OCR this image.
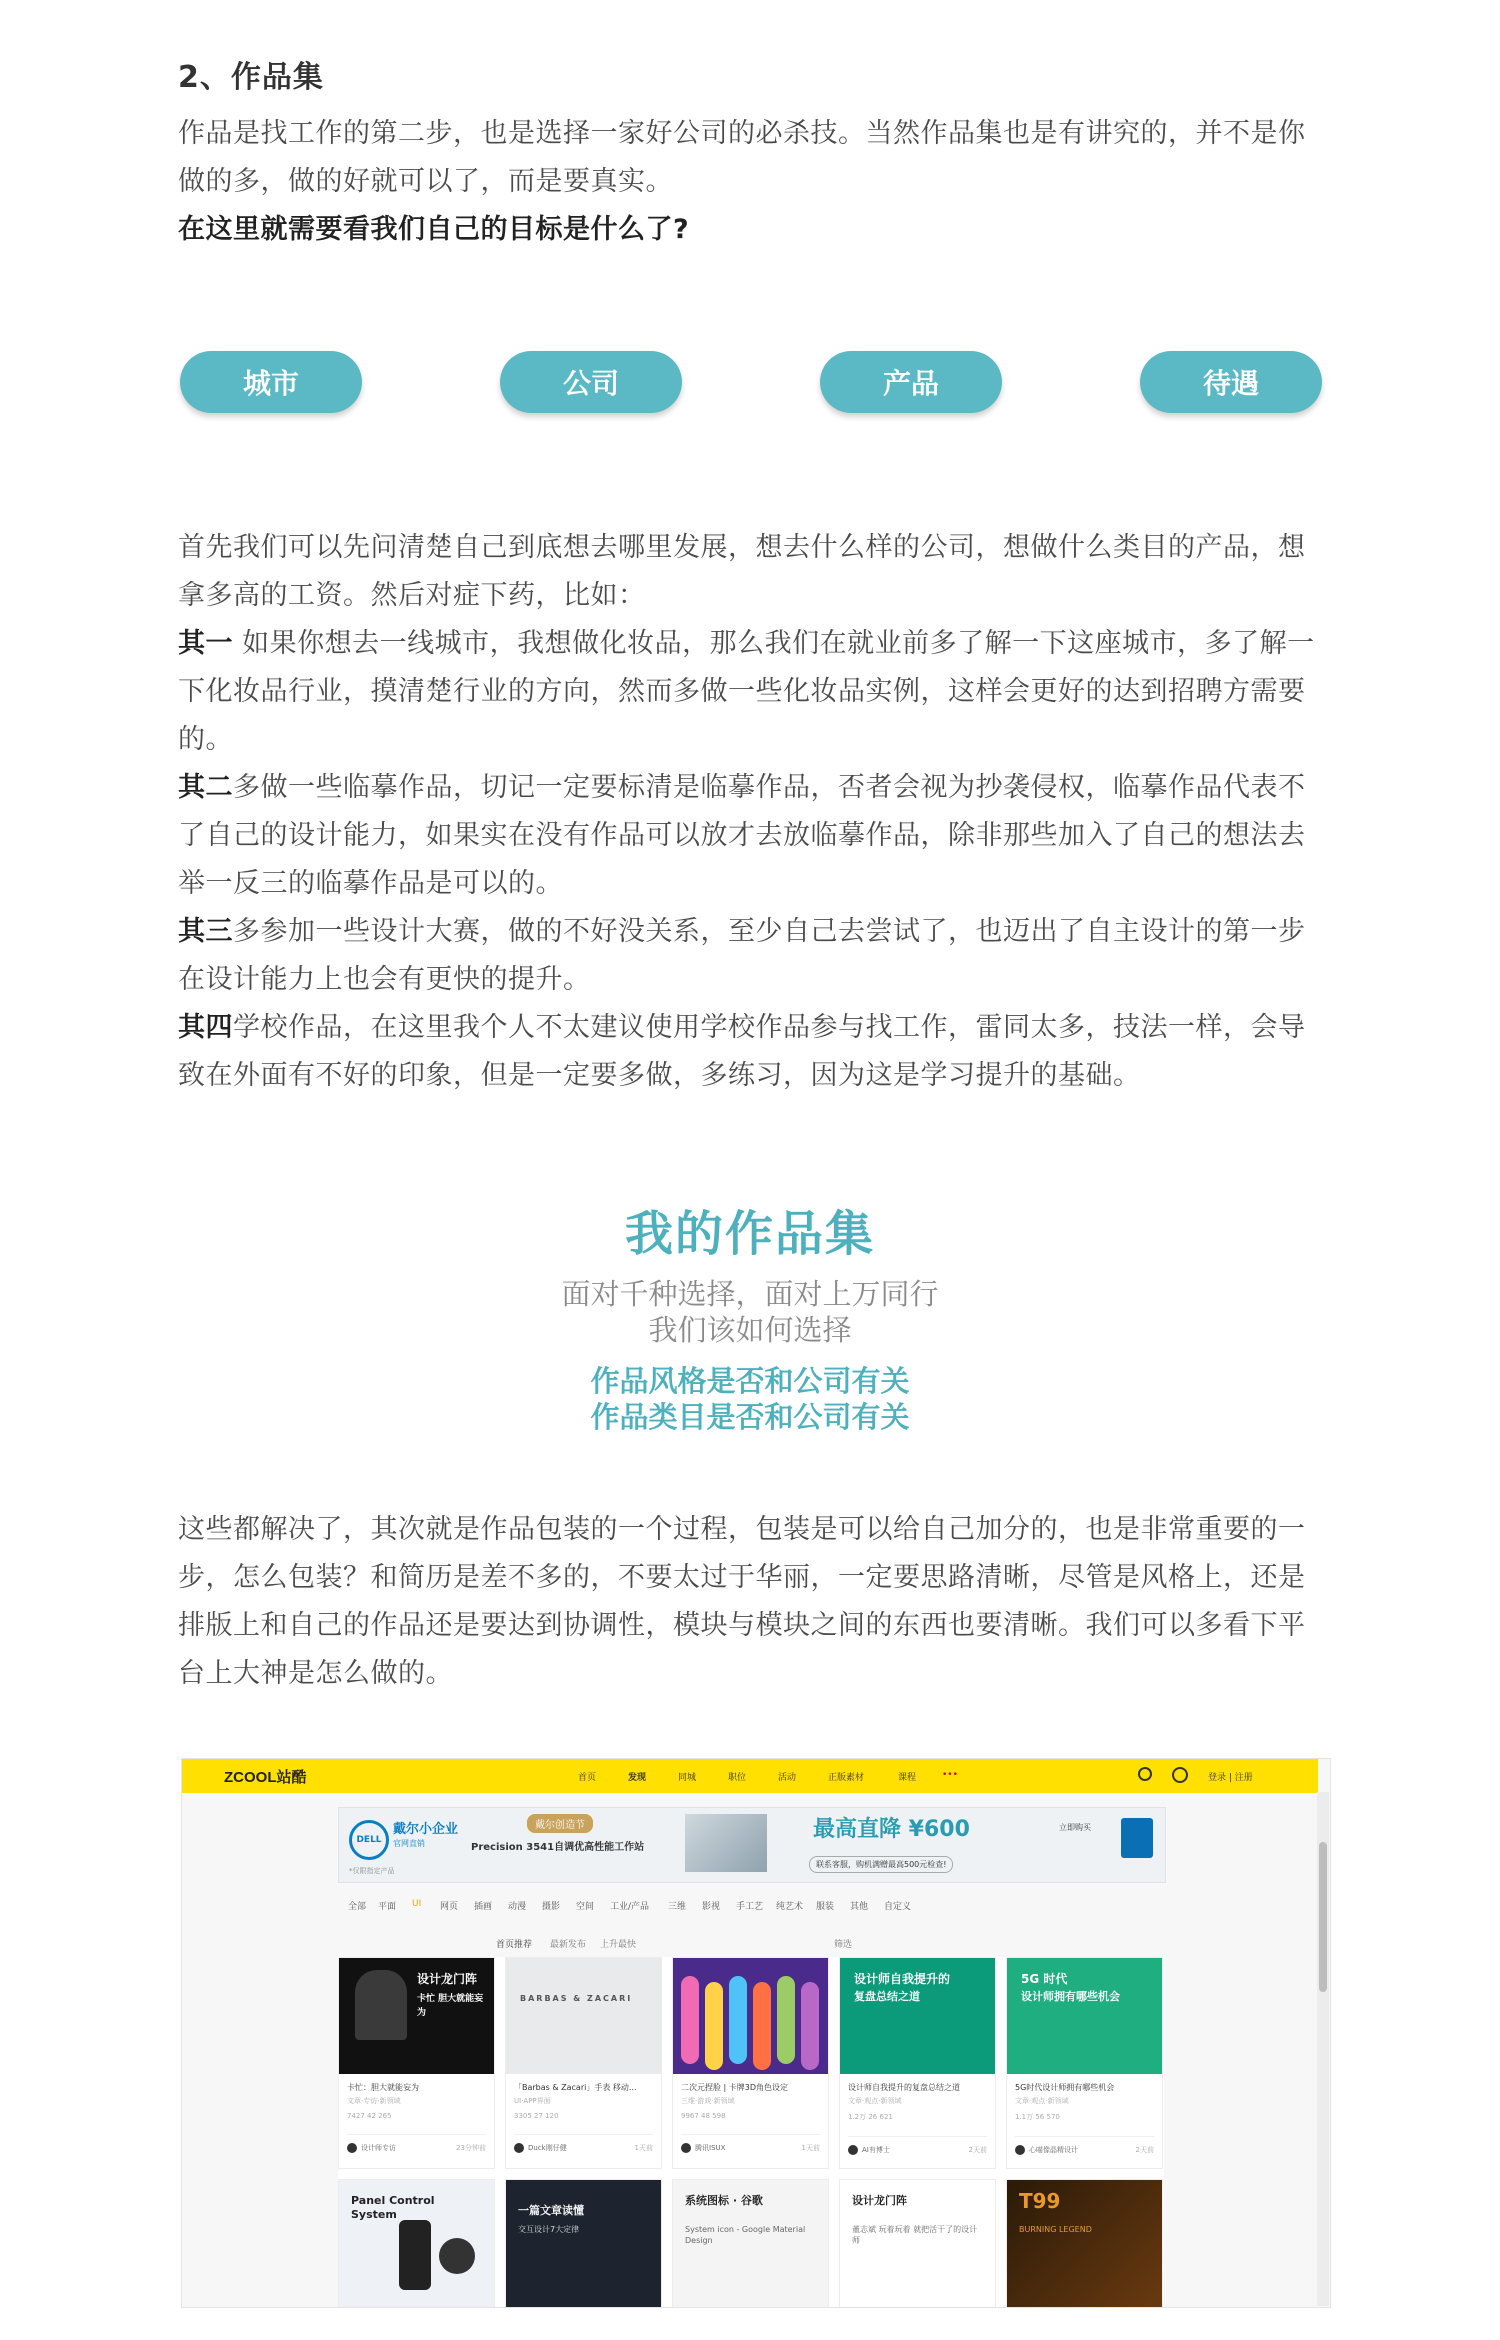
2、作品集

作品是找工作的第二步，也是选择一家好公司的必杀技。当然作品集也是有讲究的，并不是你

做的多，做的好就可以了，而是要真实。

在这里就需要看我们自己的目标是什么了?

城市	公司	产品	待遇

首先我们可以先问清楚自己到底想去哪里发展，想去什么样的公司，想做什么类目的产品，想

拿多高的工资。然后对症下药，比如：

其一 如果你想去一线城市，我想做化妆品，那么我们在就业前多了解一下这座城市，多了解一

下化妆品行业，摸清楚行业的方向，然而多做一些化妆品实例，这样会更好的达到招聘方需要

的。

其二多做一些临摹作品，切记一定要标清是临摹作品，否者会视为抄袭侵权，临摹作品代表不

了自己的设计能力，如果实在没有作品可以放才去放临摹作品，除非那些加入了自己的想法去

举一反三的临摹作品是可以的。

其三多参加一些设计大赛，做的不好没关系，至少自己去尝试了，也迈出了自主设计的第一步

在设计能力上也会有更快的提升。

其四学校作品，在这里我个人不太建议使用学校作品参与找工作，雷同太多，技法一样，会导

致在外面有不好的印象，但是一定要多做，多练习，因为这是学习提升的基础。

我的作品集
面对千种选择，面对上万同行
我们该如何选择
作品风格是否和公司有关
作品类目是否和公司有关

这些都解决了，其次就是作品包装的一个过程，包装是可以给自己加分的，也是非常重要的一

步，怎么包装？和简历是差不多的，不要太过于华丽，一定要思路清晰，尽管是风格上，还是

排版上和自己的作品还是要达到协调性，模块与模块之间的东西也要清晰。我们可以多看下平

台上大神是怎么做的。

ZCOOL站酷	首页	发现	同城	职位	活动	正版素材	课程	•••	登录 | 注册
DELL
戴尔小企业
官网直销
*仅限指定产品
戴尔创造节
Precision 3541自调优高性能工作站
最高直降 ¥600
联系客服，购机满赠最高500元检查!
立即购买
全部 平面 UI 网页 插画 动漫 摄影 空间 工业/产品 三维 影视 手工艺 纯艺术 服装 其他 自定义
首页推荐 最新发布 上升最快	筛选
设计龙门阵
卡忙 胆大就能妄为
卡忙：胆大就能妄为
文章·专访·新领域
7427 42 265
设计师专访	23分钟前
BARBAS & ZACARI
「Barbas & Zacari」手表 移动...
UI·APP界面
3305 27 120
Duck刚仔健	1天前
二次元捏脸 | 卡牌3D角色设定
三维·游戏·新领域
9967 48 598
腾讯ISUX	1天前
设计师自我提升的
复盘总结之道
设计师自我提升的复盘总结之道
文章·观点·新领域
1.2万 26 621
AI有博士	2天前
5G 时代
设计师拥有哪些机会
5G时代设计师拥有哪些机会
文章·观点·新领域
1.1万 56 570
心喵像晶精设计	2天前
Panel Control System	一篇文章读懂
交互设计7大定律
系统图标 · 谷歌
System icon - Google Material Design
设计龙门阵
董志斌 玩着玩着 就把活干了的设计师
T99
BURNING LEGEND
